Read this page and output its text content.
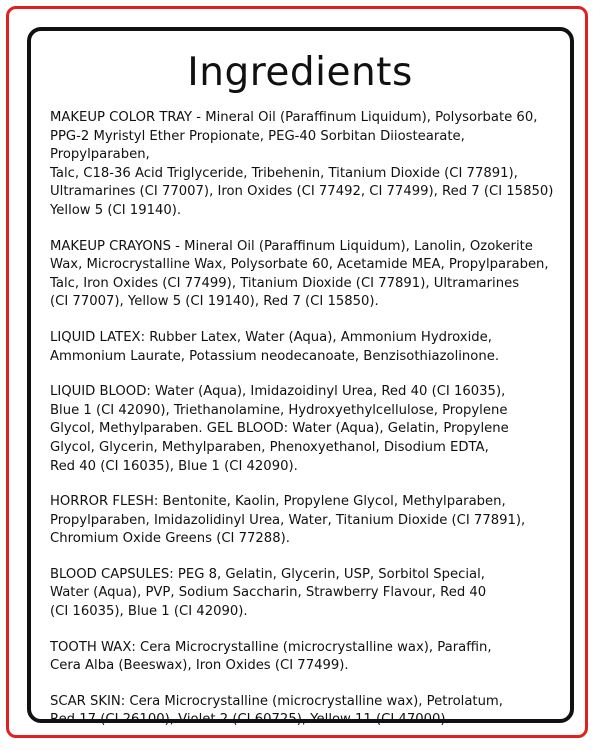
Ingredients

MAKEUP COLOR TRAY - Mineral Oil (Paraffinum Liquidum), Polysorbate 60,
PPG-2 Myristyl Ether Propionate, PEG-40 Sorbitan Diiostearate, Propylparaben,
Talc, C18-36 Acid Triglyceride, Tribehenin, Titanium Dioxide (CI 77891),
Ultramarines (CI 77007), Iron Oxides (CI 77492, CI 77499), Red 7 (CI 15850)
Yellow 5 (CI 19140).

MAKEUP CRAYONS - Mineral Oil (Paraffinum Liquidum), Lanolin, Ozokerite
Wax, Microcrystalline Wax, Polysorbate 60, Acetamide MEA, Propylparaben,
Talc, Iron Oxides (CI 77499), Titanium Dioxide (CI 77891), Ultramarines
(CI 77007), Yellow 5 (CI 19140), Red 7 (CI 15850).

LIQUID LATEX: Rubber Latex, Water (Aqua), Ammonium Hydroxide,
Ammonium Laurate, Potassium neodecanoate, Benzisothiazolinone.

LIQUID BLOOD: Water (Aqua), Imidazoidinyl Urea, Red 40 (CI 16035),
Blue 1 (CI 42090), Triethanolamine, Hydroxyethylcellulose, Propylene
Glycol, Methylparaben. GEL BLOOD: Water (Aqua), Gelatin, Propylene
Glycol, Glycerin, Methylparaben, Phenoxyethanol, Disodium EDTA,
Red 40 (CI 16035), Blue 1 (CI 42090).

HORROR FLESH: Bentonite, Kaolin, Propylene Glycol, Methylparaben,
Propylparaben, Imidazolidinyl Urea, Water, Titanium Dioxide (CI 77891),
Chromium Oxide Greens (CI 77288).

BLOOD CAPSULES: PEG 8, Gelatin, Glycerin, USP, Sorbitol Special,
Water (Aqua), PVP, Sodium Saccharin, Strawberry Flavour, Red 40
(CI 16035), Blue 1 (CI 42090).

TOOTH WAX: Cera Microcrystalline (microcrystalline wax), Paraffin,
Cera Alba (Beeswax), Iron Oxides (CI 77499).

SCAR SKIN: Cera Microcrystalline (microcrystalline wax), Petrolatum,
Red 17 (CI 26100), Violet 2 (CI 60725), Yellow 11 (CI 47000).
